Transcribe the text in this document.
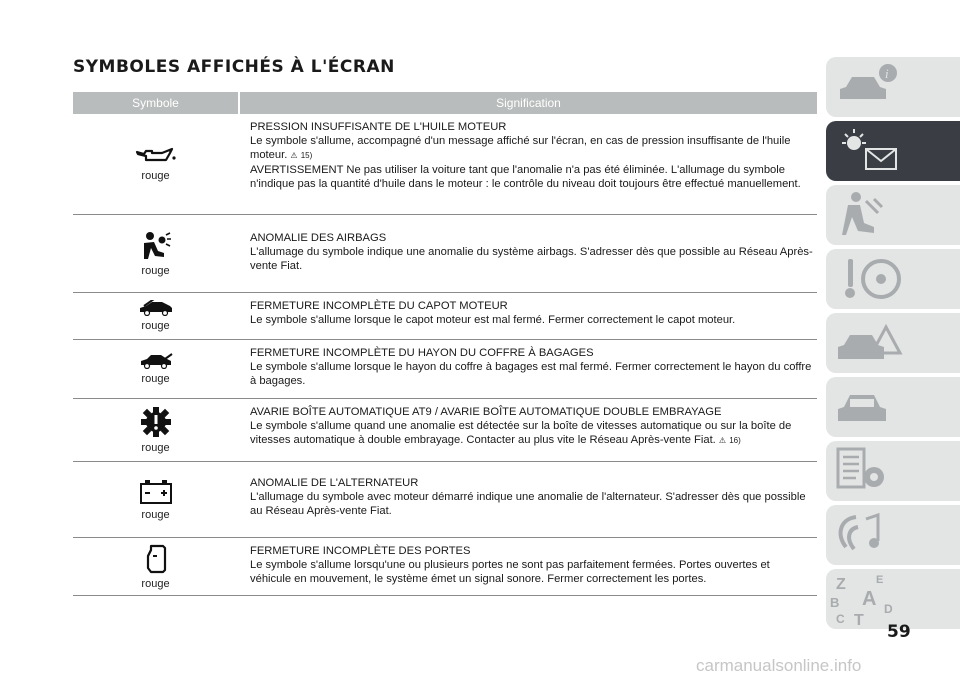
SYMBOLES AFFICHÉS À L'ÉCRAN
Symbole	Signification
rouge
PRESSION INSUFFISANTE DE L'HUILE MOTEUR
Le symbole s'allume, accompagné d'un message affiché sur l'écran, en cas de pression insuffisante de l'huile moteur. ⚠ 15)
AVERTISSEMENT Ne pas utiliser la voiture tant que l'anomalie n'a pas été éliminée. L'allumage du symbole n'indique pas la quantité d'huile dans le moteur : le contrôle du niveau doit toujours être effectué manuellement.
rouge
ANOMALIE DES AIRBAGS
L'allumage du symbole indique une anomalie du système airbags. S'adresser dès que possible au Réseau Après-vente Fiat.
rouge
FERMETURE INCOMPLÈTE DU CAPOT MOTEUR
Le symbole s'allume lorsque le capot moteur est mal fermé. Fermer correctement le capot moteur.
rouge
FERMETURE INCOMPLÈTE DU HAYON DU COFFRE À BAGAGES
Le symbole s'allume lorsque le hayon du coffre à bagages est mal fermé. Fermer correctement le hayon du coffre à bagages.
rouge
AVARIE BOÎTE AUTOMATIQUE AT9 / AVARIE BOÎTE AUTOMATIQUE DOUBLE EMBRAYAGE
Le symbole s'allume quand une anomalie est détectée sur la boîte de vitesses automatique ou sur la boîte de vitesses automatique à double embrayage. Contacter au plus vite le Réseau Après-vente Fiat. ⚠ 16)
rouge
ANOMALIE DE L'ALTERNATEUR
L'allumage du symbole avec moteur démarré indique une anomalie de l'alternateur. S'adresser dès que possible au Réseau Après-vente Fiat.
rouge
FERMETURE INCOMPLÈTE DES PORTES
Le symbole s'allume lorsqu'une ou plusieurs portes ne sont pas parfaitement fermées. Portes ouvertes et véhicule en mouvement, le système émet un signal sonore. Fermer correctement les portes.
i
Z	E
B A
C T
D
59
carmanualsonline.info
